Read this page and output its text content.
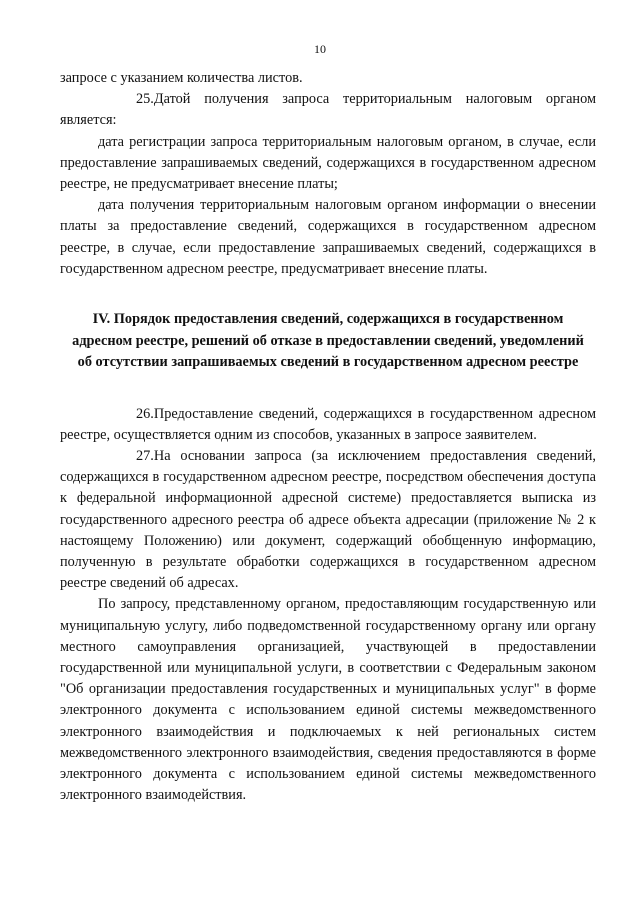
10

запросе с указанием количества листов.

25.Датой получения запроса территориальным налоговым органом является:

дата регистрации запроса территориальным налоговым органом, в случае, если предоставление запрашиваемых сведений, содержащихся в государственном адресном реестре, не предусматривает внесение платы;

дата получения территориальным налоговым органом информации о внесении платы за предоставление сведений, содержащихся в государственном адресном реестре, в случае, если предоставление запрашиваемых сведений, содержащихся в государственном адресном реестре, предусматривает внесение платы.

IV. Порядок предоставления сведений, содержащихся в государственном адресном реестре, решений об отказе в предоставлении сведений, уведомлений об отсутствии запрашиваемых сведений в государственном адресном реестре

26.Предоставление сведений, содержащихся в государственном адресном реестре, осуществляется одним из способов, указанных в запросе заявителем.

27.На основании запроса (за исключением предоставления сведений, содержащихся в государственном адресном реестре, посредством обеспечения доступа к федеральной информационной адресной системе) предоставляется выписка из государственного адресного реестра об адресе объекта адресации (приложение № 2 к настоящему Положению) или документ, содержащий обобщенную информацию, полученную в результате обработки содержащихся в государственном адресном реестре сведений об адресах.

По запросу, представленному органом, предоставляющим государственную или муниципальную услугу, либо подведомственной государственному органу или органу местного самоуправления организацией, участвующей в предоставлении государственной или муниципальной услуги, в соответствии с Федеральным законом "Об организации предоставления государственных и муниципальных услуг" в форме электронного документа с использованием единой системы межведомственного электронного взаимодействия и подключаемых к ней региональных систем межведомственного электронного взаимодействия, сведения предоставляются в форме электронного документа с использованием единой системы межведомственного электронного взаимодействия.
